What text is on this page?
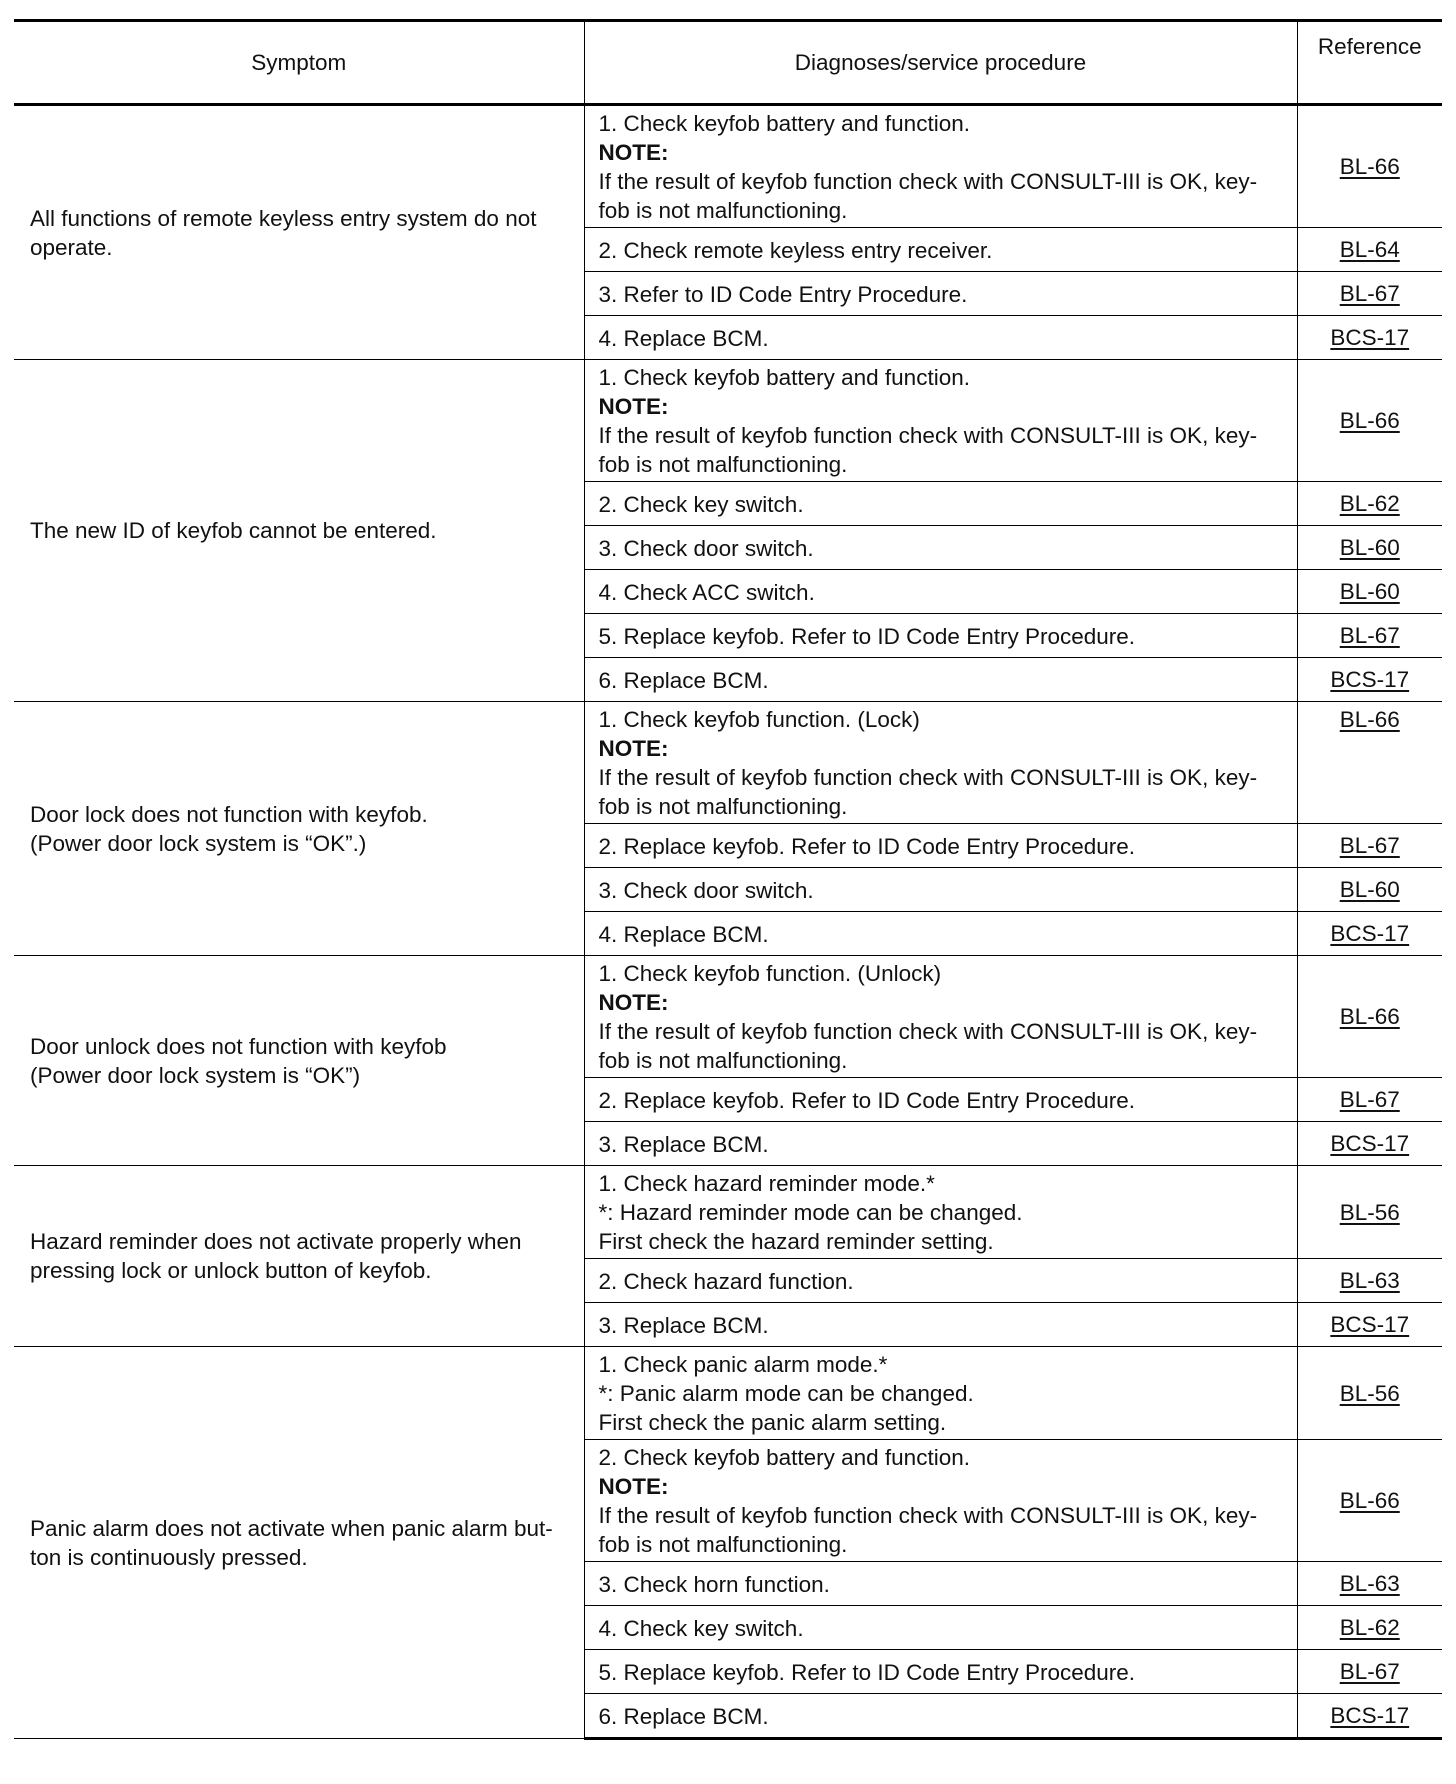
Symptom	Diagnoses/service procedure	Reference

All functions of remote keyless entry system do not
operate.	1. Check keyfob battery and function.
NOTE:
If the result of keyfob function check with CONSULT-III is OK, key-
fob is not malfunctioning.	BL-66

	2. Check remote keyless entry receiver.	BL-64

	3. Refer to ID Code Entry Procedure.	BL-67

	4. Replace BCM.	BCS-17

The new ID of keyfob cannot be entered.	1. Check keyfob battery and function.
NOTE:
If the result of keyfob function check with CONSULT-III is OK, key-
fob is not malfunctioning.	BL-66

	2. Check key switch.	BL-62

	3. Check door switch.	BL-60

	4. Check ACC switch.	BL-60

	5. Replace keyfob. Refer to ID Code Entry Procedure.	BL-67

	6. Replace BCM.	BCS-17

Door lock does not function with keyfob.
(Power door lock system is “OK”.)	1. Check keyfob function. (Lock)
NOTE:
If the result of keyfob function check with CONSULT-III is OK, key-
fob is not malfunctioning.	BL-66

	2. Replace keyfob. Refer to ID Code Entry Procedure.	BL-67

	3. Check door switch.	BL-60

	4. Replace BCM.	BCS-17

Door unlock does not function with keyfob
(Power door lock system is “OK”)	1. Check keyfob function. (Unlock)
NOTE:
If the result of keyfob function check with CONSULT-III is OK, key-
fob is not malfunctioning.	BL-66

	2. Replace keyfob. Refer to ID Code Entry Procedure.	BL-67

	3. Replace BCM.	BCS-17

Hazard reminder does not activate properly when
pressing lock or unlock button of keyfob.	1. Check hazard reminder mode.*
*: Hazard reminder mode can be changed.
First check the hazard reminder setting.	BL-56

	2. Check hazard function.	BL-63

	3. Replace BCM.	BCS-17

Panic alarm does not activate when panic alarm but-
ton is continuously pressed.	1. Check panic alarm mode.*
*: Panic alarm mode can be changed.
First check the panic alarm setting.	BL-56

	2. Check keyfob battery and function.
NOTE:
If the result of keyfob function check with CONSULT-III is OK, key-
fob is not malfunctioning.	BL-66

	3. Check horn function.	BL-63

	4. Check key switch.	BL-62

	5. Replace keyfob. Refer to ID Code Entry Procedure.	BL-67

	6. Replace BCM.	BCS-17
